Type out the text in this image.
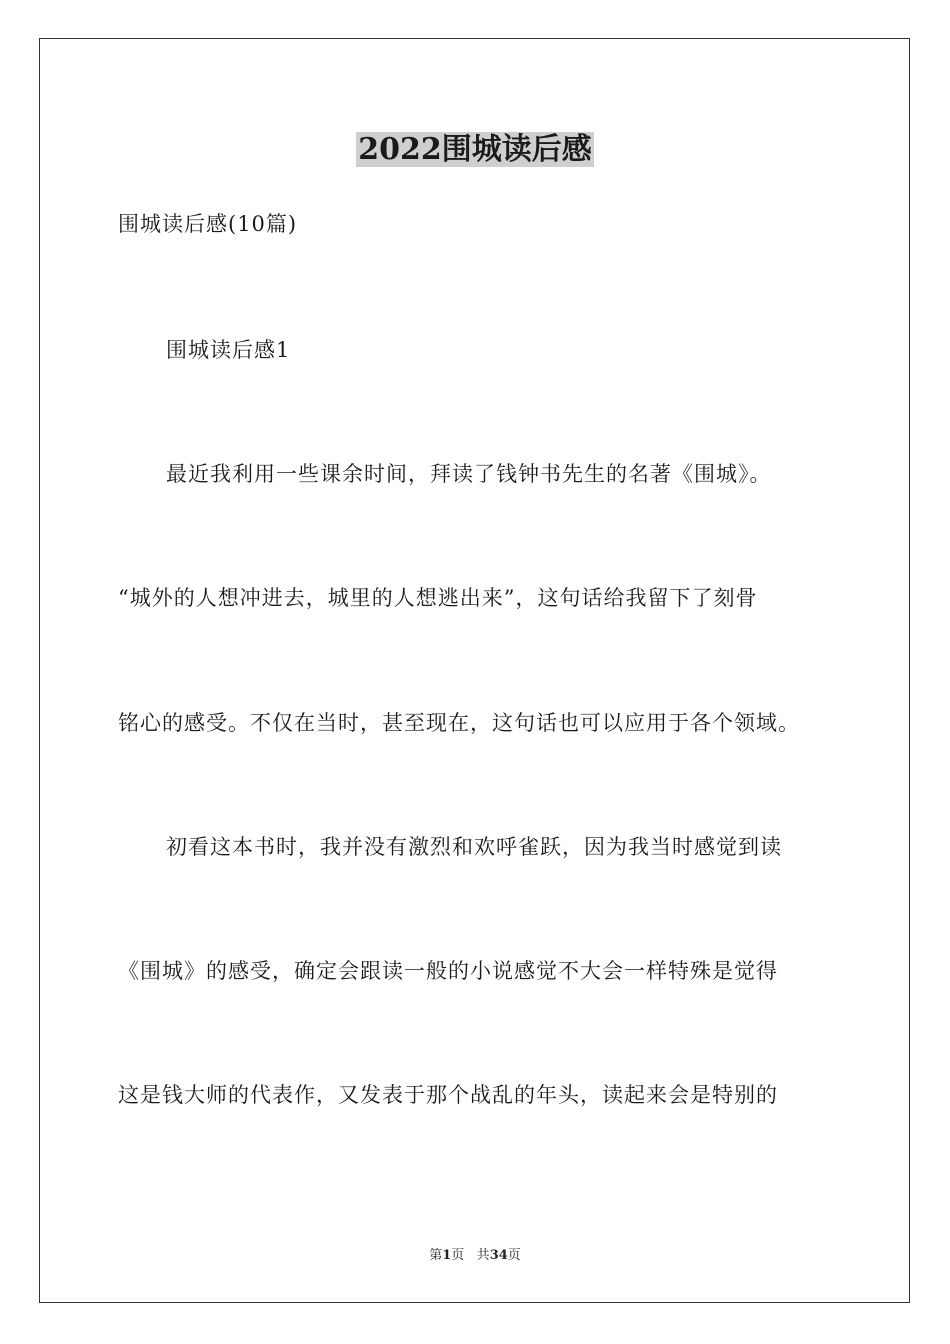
2022围城读后感
围城读后感(10篇)
围城读后感1
最近我利用一些课余时间，拜读了钱钟书先生的名著《围城》。
“城外的人想冲进去，城里的人想逃出来”，这句话给我留下了刻骨
铭心的感受。不仅在当时，甚至现在，这句话也可以应用于各个领域。
初看这本书时，我并没有激烈和欢呼雀跃，因为我当时感觉到读
《围城》的感受，确定会跟读一般的小说感觉不大会一样特殊是觉得
这是钱大师的代表作，又发表于那个战乱的年头，读起来会是特别的
第1页 共34页
